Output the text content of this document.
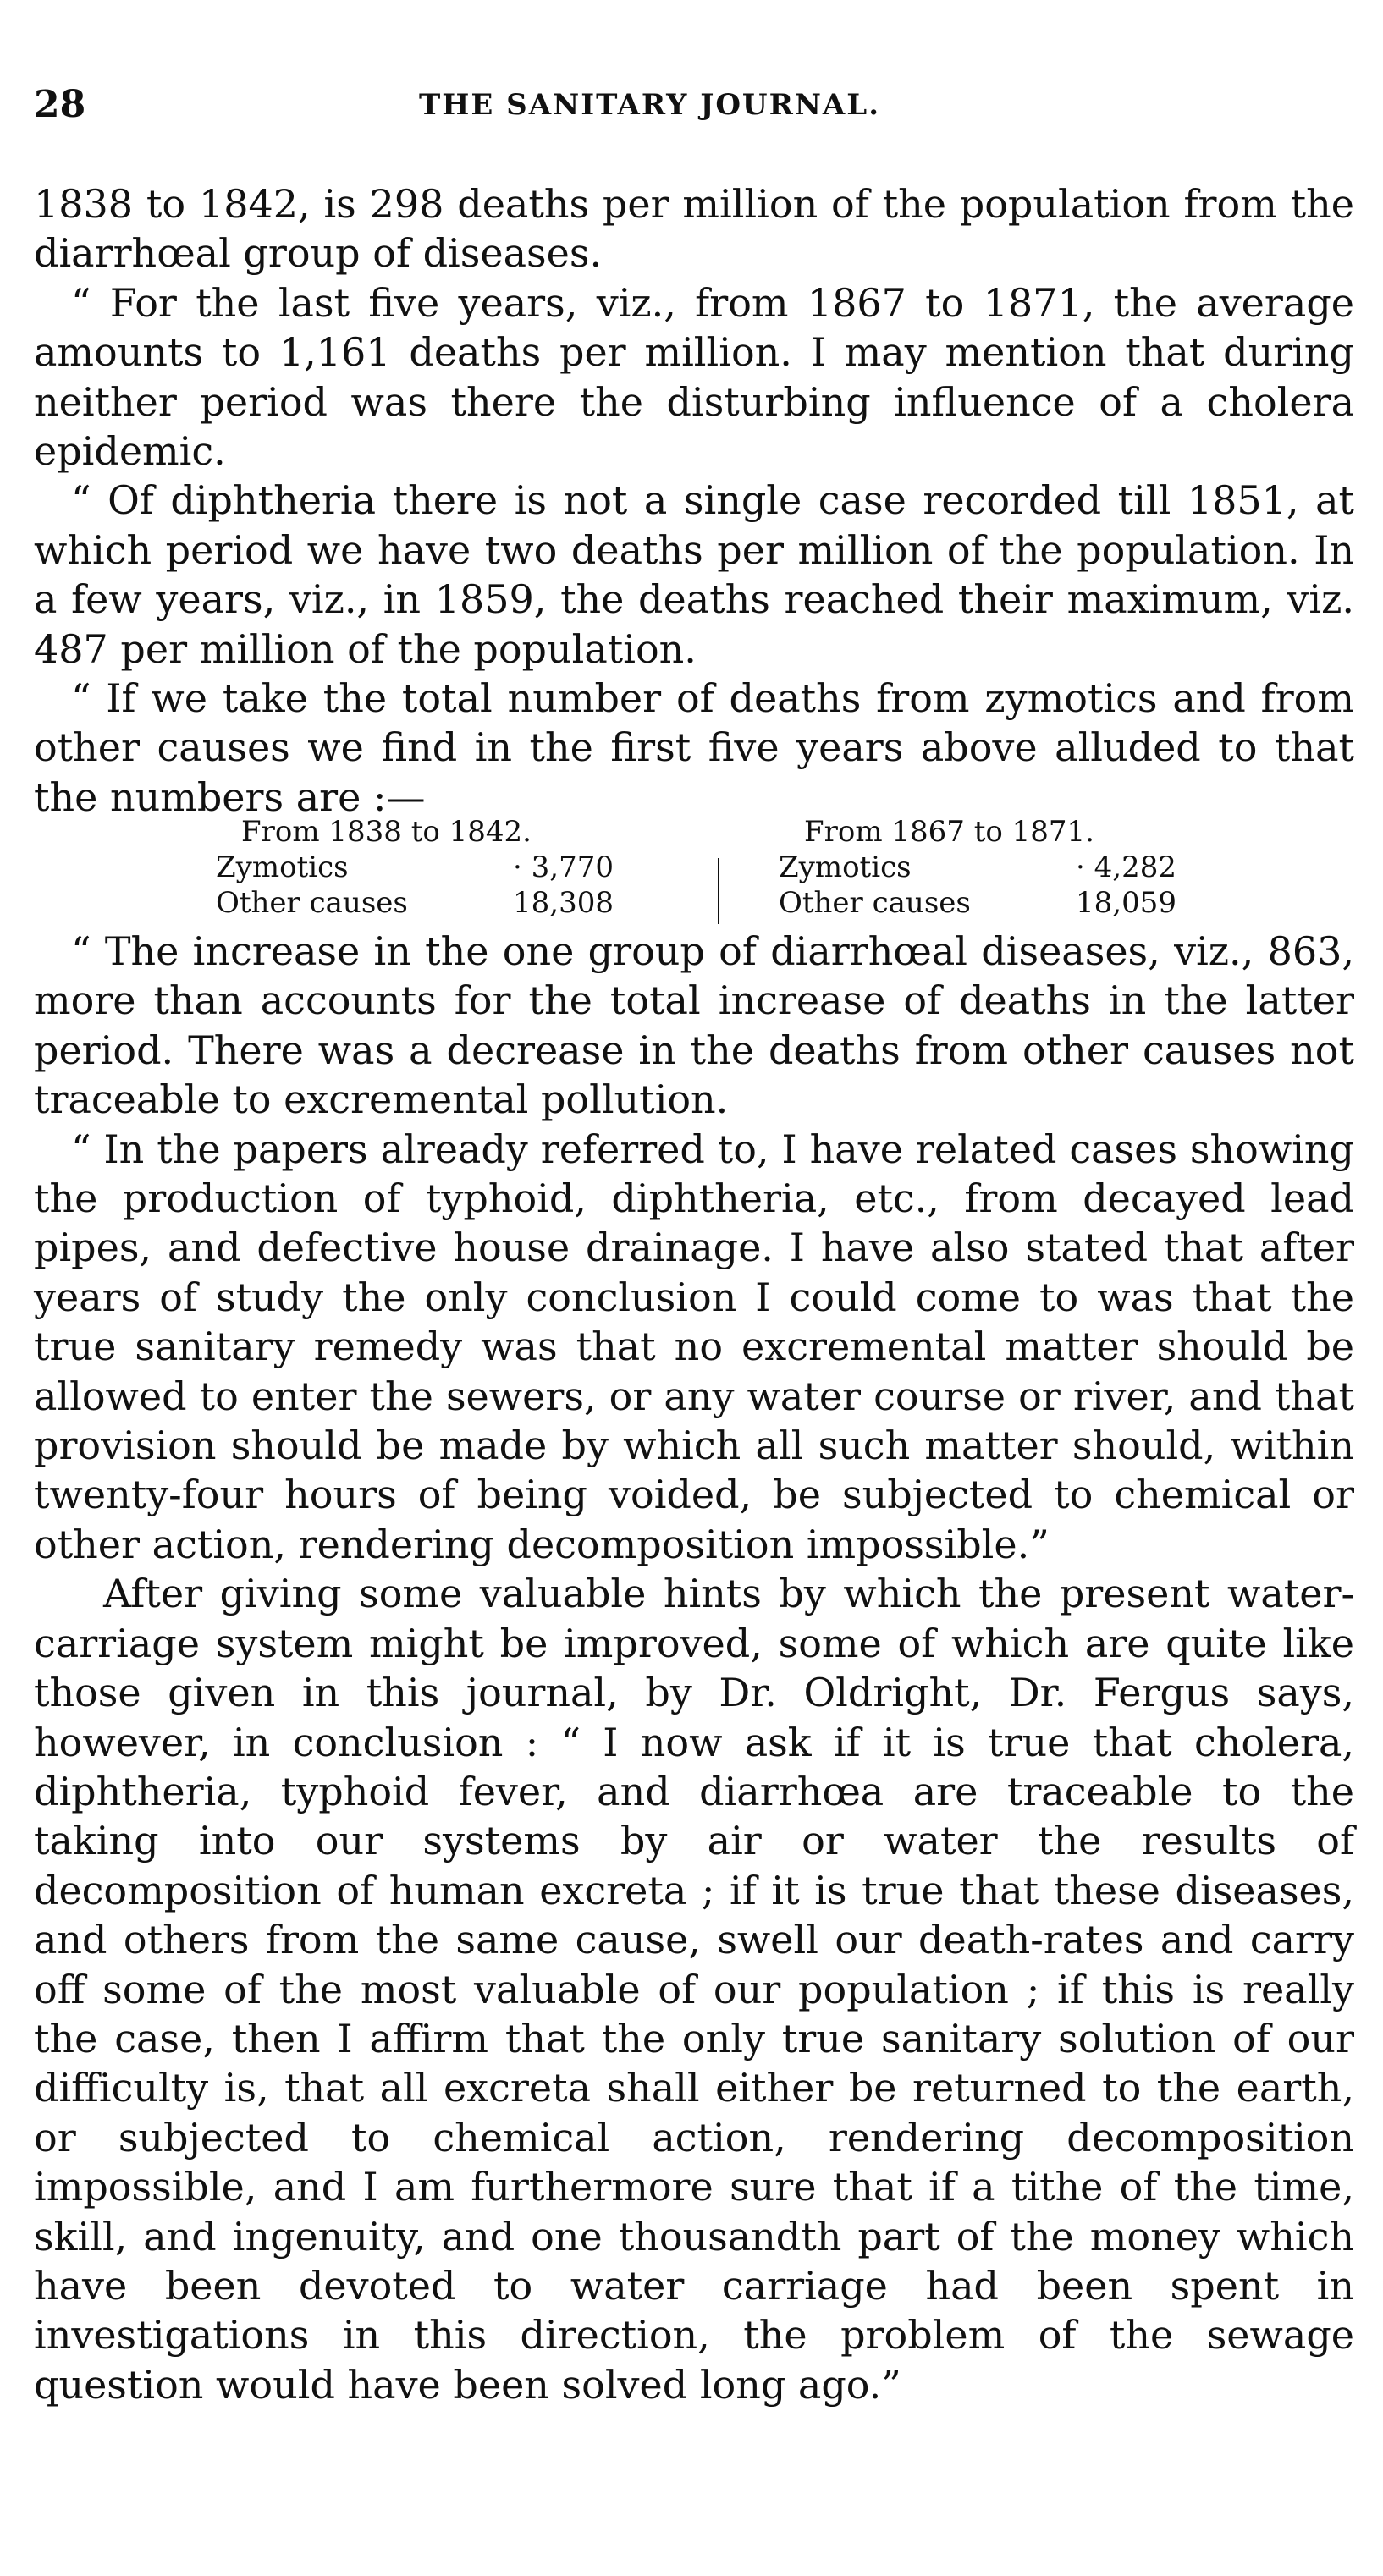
28	THE SANITARY JOURNAL.

1838 to 1842, is 298 deaths per million of the population from the diarrhœal group of diseases.

“ For the last five years, viz., from 1867 to 1871, the average amounts to 1,161 deaths per million. I may mention that during neither period was there the disturbing influence of a cholera epidemic.

“ Of diphtheria there is not a single case recorded till 1851, at which period we have two deaths per million of the population. In a few years, viz., in 1859, the deaths reached their maximum, viz. 487 per million of the population.

“ If we take the total number of deaths from zymotics and from other causes we find in the first five years above alluded to that the numbers are :—

From 1838 to 1842.
Zymotics	· 3,770
Other causes	18,308
From 1867 to 1871.
Zymotics	· 4,282
Other causes	18,059

“ The increase in the one group of diarrhœal diseases, viz., 863, more than accounts for the total increase of deaths in the latter period. There was a decrease in the deaths from other causes not traceable to excremental pollution.

“ In the papers already referred to, I have related cases showing the production of typhoid, diphtheria, etc., from decayed lead pipes, and defective house drainage. I have also stated that after years of study the only conclusion I could come to was that the true sanitary remedy was that no excremental matter should be allowed to enter the sewers, or any water course or river, and that provision should be made by which all such matter should, within twenty-four hours of being voided, be subjected to chemical or other action, rendering decomposition impossible.”

After giving some valuable hints by which the present water-carriage system might be improved, some of which are quite like those given in this journal, by Dr. Oldright, Dr. Fergus says, however, in conclusion : “ I now ask if it is true that cholera, diphtheria, typhoid fever, and diarrhœa are traceable to the taking into our systems by air or water the results of decomposition of human excreta ; if it is true that these diseases, and others from the same cause, swell our death-rates and carry off some of the most valuable of our population ; if this is really the case, then I affirm that the only true sanitary solution of our difficulty is, that all excreta shall either be returned to the earth, or subjected to chemical action, rendering decomposition impossible, and I am furthermore sure that if a tithe of the time, skill, and ingenuity, and one thousandth part of the money which have been devoted to water carriage had been spent in investigations in this direction, the problem of the sewage question would have been solved long ago.”
